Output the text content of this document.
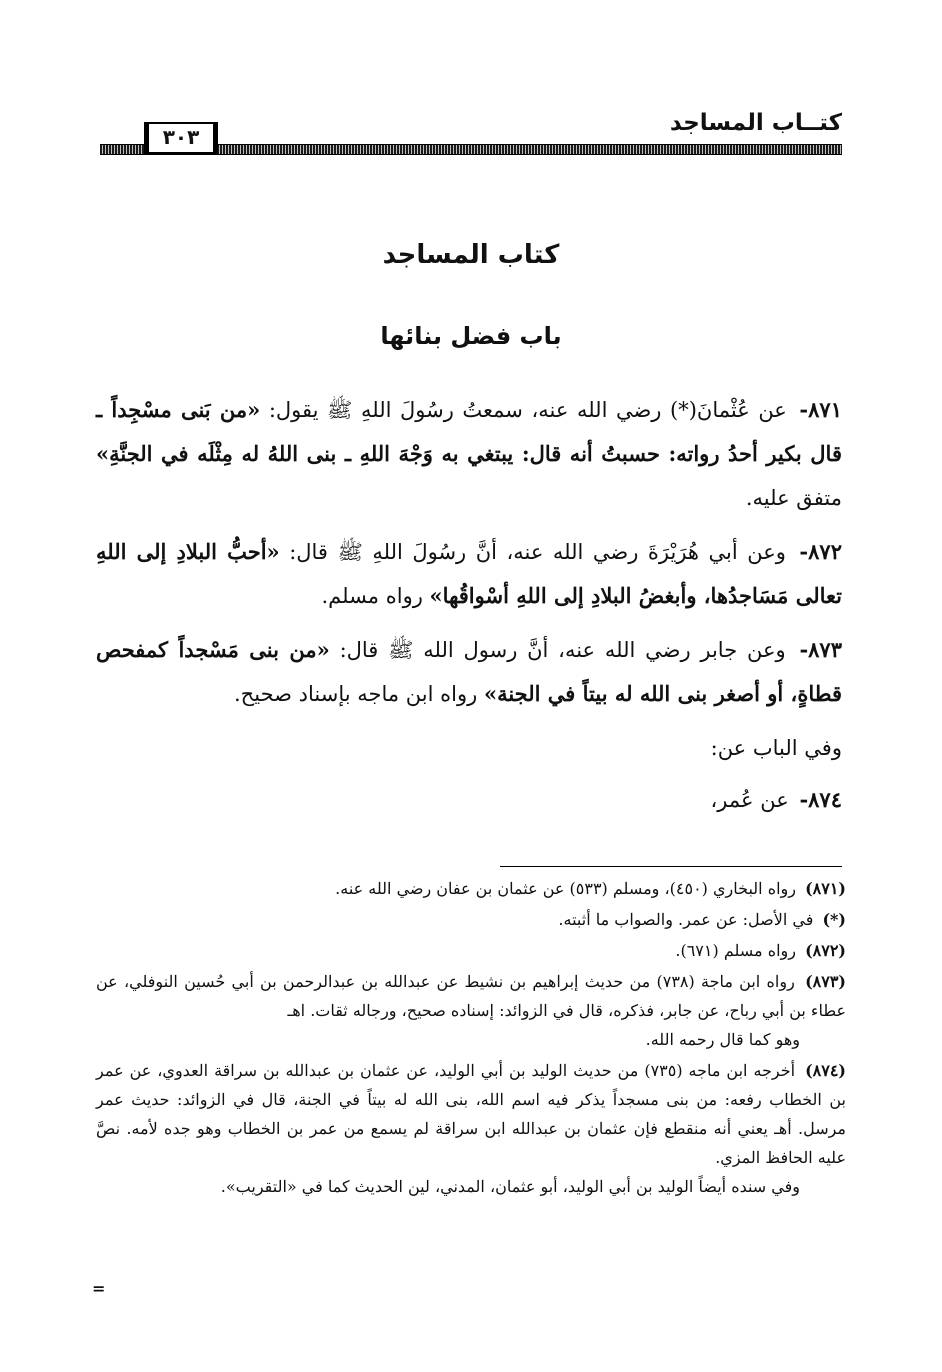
كتــاب المساجد
٣٠٣
كتاب المساجد
باب فضل بنائها

٨٧١- عن عُثْمانَ(*) رضي الله عنه، سمعتُ رسُولَ اللهِ ﷺ يقول: «من بَنى مسْجِداً ـ قال بكير أحدُ رواته: حسبتُ أنه قال: يبتغي به وَجْهَ اللهِ ـ بنى اللهُ له مِثْلَه في الجنَّةِ» متفق عليه.

٨٧٢- وعن أبي هُرَيْرَةَ رضي الله عنه، أنَّ رسُولَ اللهِ ﷺ قال: «أحبُّ البلادِ إلى اللهِ تعالى مَسَاجدُها، وأبغضُ البلادِ إلى اللهِ أسْواقُها» رواه مسلم.

٨٧٣- وعن جابر رضي الله عنه، أنَّ رسول الله ﷺ قال: «من بنى مَسْجداً كمفحص قطاةٍ، أو أصغر بنى الله له بيتاً في الجنة» رواه ابن ماجه بإسناد صحيح.

وفي الباب عن:
٨٧٤- عن عُمر،

(٨٧١) رواه البخاري (٤٥٠)، ومسلم (٥٣٣) عن عثمان بن عفان رضي الله عنه.

(*) في الأصل: عن عمر. والصواب ما أثبته.

(٨٧٢) رواه مسلم (٦٧١).

(٨٧٣) رواه ابن ماجة (٧٣٨) من حديث إبراهيم بن نشيط عن عبدالله بن عبدالرحمن بن أبي حُسين النوفلي، عن عطاء بن أبي رباح، عن جابر، فذكره، قال في الزوائد: إسناده صحيح، ورجاله ثقات. اهـ
وهو كما قال رحمه الله.

(٨٧٤) أخرجه ابن ماجه (٧٣٥) من حديث الوليد بن أبي الوليد، عن عثمان بن عبدالله بن سراقة العدوي، عن عمر بن الخطاب رفعه: من بنى مسجداً يذكر فيه اسم الله، بنى الله له بيتاً في الجنة، قال في الزوائد: حديث عمر مرسل. أهـ يعني أنه منقطع فإن عثمان بن عبدالله ابن سراقة لم يسمع من عمر بن الخطاب وهو جده لأمه. نصَّ عليه الحافظ المزي.
وفي سنده أيضاً الوليد بن أبي الوليد، أبو عثمان، المدني، لين الحديث كما في «التقريب».

=
